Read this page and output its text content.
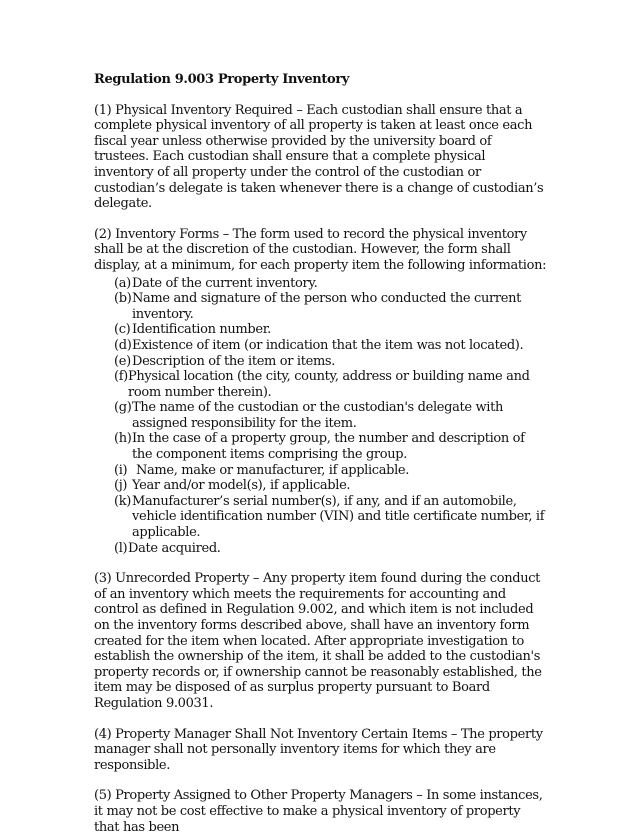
Regulation 9.003 Property Inventory
(1) Physical Inventory Required – Each custodian shall ensure that a complete physical inventory of all property is taken at least once each fiscal year unless otherwise provided by the university board of trustees. Each custodian shall ensure that a complete physical inventory of all property under the control of the custodian or custodian’s delegate is taken whenever there is a change of custodian’s delegate.
(2) Inventory Forms – The form used to record the physical inventory shall be at the discretion of the custodian. However, the form shall display, at a minimum, for each property item the following information:
(a) Date of the current inventory.
(b) Name and signature of the person who conducted the current inventory.
(c) Identification number.
(d) Existence of item (or indication that the item was not located).
(e) Description of the item or items.
(f) Physical location (the city, county, address or building name and room number therein).
(g) The name of the custodian or the custodian's delegate with assigned responsibility for the item.
(h) In the case of a property group, the number and description of the component items comprising the group.
(i) Name, make or manufacturer, if applicable.
(j) Year and/or model(s), if applicable.
(k) Manufacturer’s serial number(s), if any, and if an automobile, vehicle identification number (VIN) and title certificate number, if applicable.
(l) Date acquired.
(3) Unrecorded Property – Any property item found during the conduct of an inventory which meets the requirements for accounting and control as defined in Regulation 9.002, and which item is not included on the inventory forms described above, shall have an inventory form created for the item when located. After appropriate investigation to establish the ownership of the item, it shall be added to the custodian's property records or, if ownership cannot be reasonably established, the item may be disposed of as surplus property pursuant to Board Regulation 9.0031.
(4) Property Manager Shall Not Inventory Certain Items – The property manager shall not personally inventory items for which they are responsible.
(5) Property Assigned to Other Property Managers – In some instances, it may not be cost effective to make a physical inventory of property that has been
